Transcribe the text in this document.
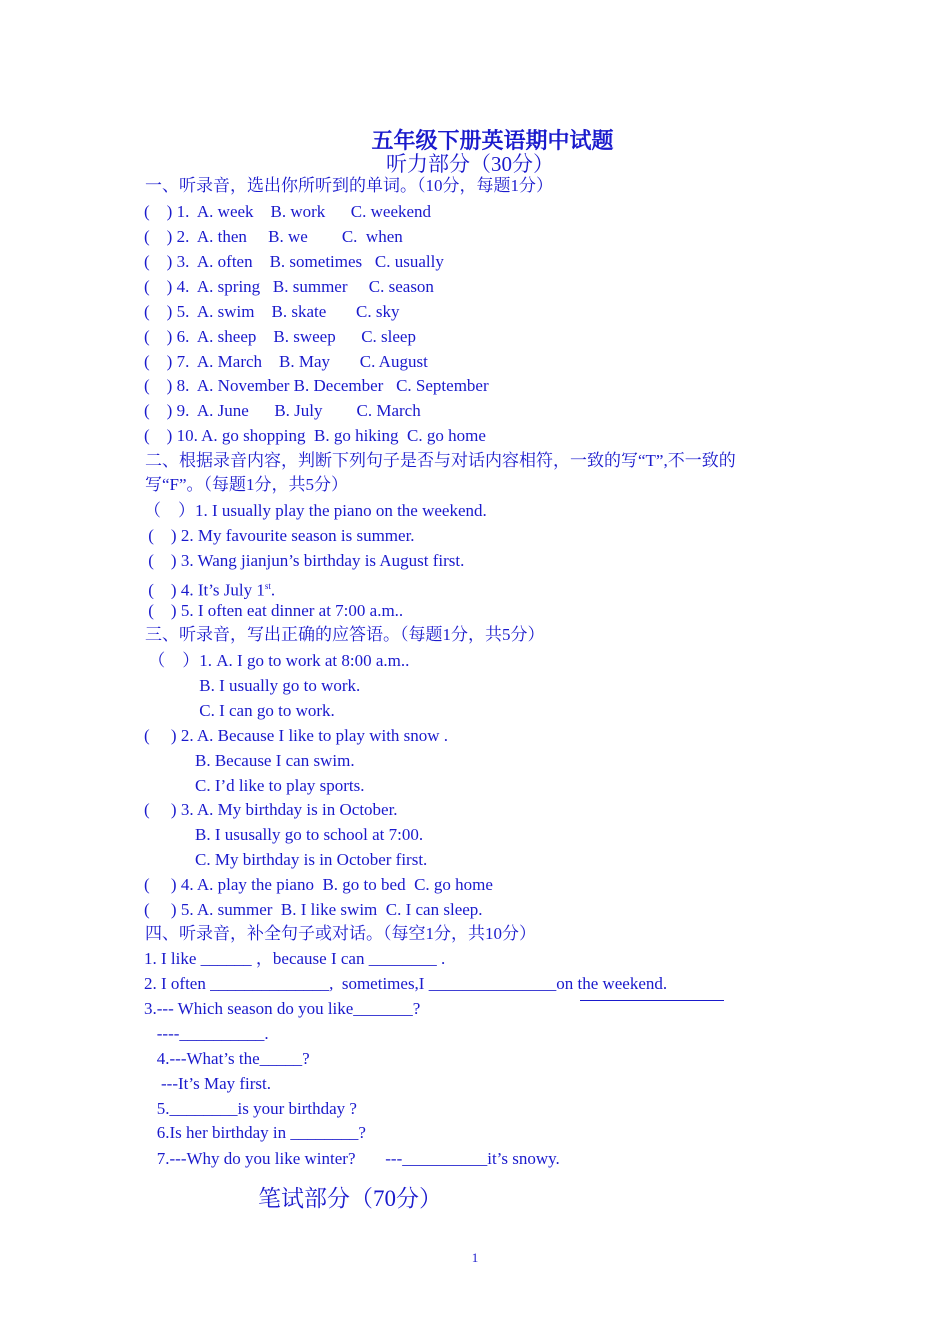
五年级下册英语期中试题
听力部分（30分）
一、听录音，选出你所听到的单词。（10分，每题1分）
(    ) 1.  A. week    B. work      C. weekend
(    ) 2.  A. then     B. we        C.  when
(    ) 3.  A. often    B. sometimes   C. usually
(    ) 4.  A. spring   B. summer     C. season
(    ) 5.  A. swim    B. skate       C. sky
(    ) 6.  A. sheep    B. sweep      C. sleep
(    ) 7.  A. March    B. May       C. August
(    ) 8.  A. November B. December   C. September
(    ) 9.  A. June      B. July        C. March
(    ) 10. A. go shopping  B. go hiking  C. go home
二、根据录音内容，判断下列句子是否与对话内容相符，一致的写“T”,不一致的
写“F”。（每题1分，共5分）
（    ）1. I usually play the piano on the weekend.
(    ) 2. My favourite season is summer.
(    ) 3. Wang jianjun’s birthday is August first.
(    ) 4. It’s July 1st.
(    ) 5. I often eat dinner at 7:00 a.m..
三、听录音，写出正确的应答语。（每题1分，共5分）
（    ）1. A. I go to work at 8:00 a.m..
B. I usually go to work.
C. I can go to work.
(     ) 2. A. Because I like to play with snow .
B. Because I can swim.
C. I’d like to play sports.
(     ) 3. A. My birthday is in October.
B. I ususally go to school at 7:00.
C. My birthday is in October first.
(     ) 4. A. play the piano  B. go to bed  C. go home
(     ) 5. A. summer  B. I like swim  C. I can sleep.
四、听录音，补全句子或对话。（每空1分，共10分）
1. I like ______ ，because I can ________ .
2. I often ______________,  sometimes,I _______________on the weekend.
3.--- Which season do you like_______?
----__________.
4.---What’s the_____?
---It’s May first.
5.________is your birthday ?
6.Is her birthday in ________?
7.---Why do you like winter?       ---__________it’s snowy.
笔试部分（70分）
1
